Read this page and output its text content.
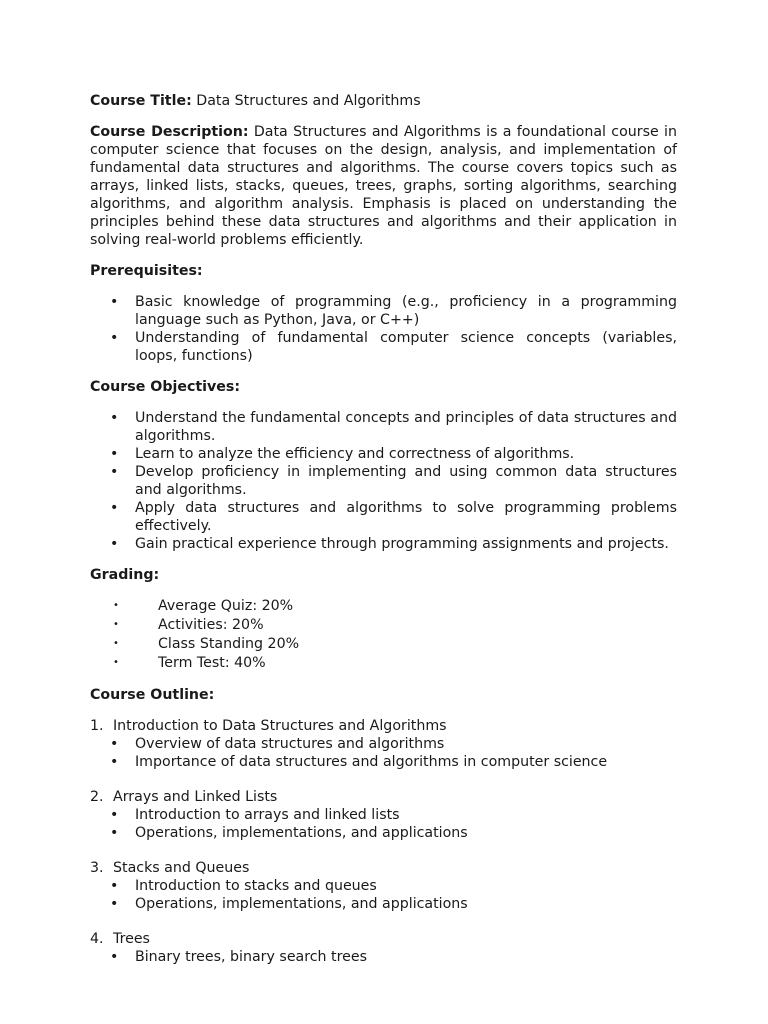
Course Title: Data Structures and Algorithms

Course Description: Data Structures and Algorithms is a foundational course in computer science that focuses on the design, analysis, and implementation of fundamental data structures and algorithms. The course covers topics such as arrays, linked lists, stacks, queues, trees, graphs, sorting algorithms, searching algorithms, and algorithm analysis. Emphasis is placed on understanding the principles behind these data structures and algorithms and their application in solving real-world problems efficiently.

Prerequisites:

• Basic knowledge of programming (e.g., proficiency in a programming language such as Python, Java, or C++)
• Understanding of fundamental computer science concepts (variables, loops, functions)

Course Objectives:

• Understand the fundamental concepts and principles of data structures and algorithms.
• Learn to analyze the efficiency and correctness of algorithms.
• Develop proficiency in implementing and using common data structures and algorithms.
• Apply data structures and algorithms to solve programming problems effectively.
• Gain practical experience through programming assignments and projects.

Grading:

•	Average Quiz: 20%
•	Activities: 20%
•	Class Standing 20%
•	Term Test: 40%

Course Outline:

1. Introduction to Data Structures and Algorithms
• Overview of data structures and algorithms
• Importance of data structures and algorithms in computer science
2. Arrays and Linked Lists
• Introduction to arrays and linked lists
• Operations, implementations, and applications
3. Stacks and Queues
• Introduction to stacks and queues
• Operations, implementations, and applications
4. Trees
• Binary trees, binary search trees
